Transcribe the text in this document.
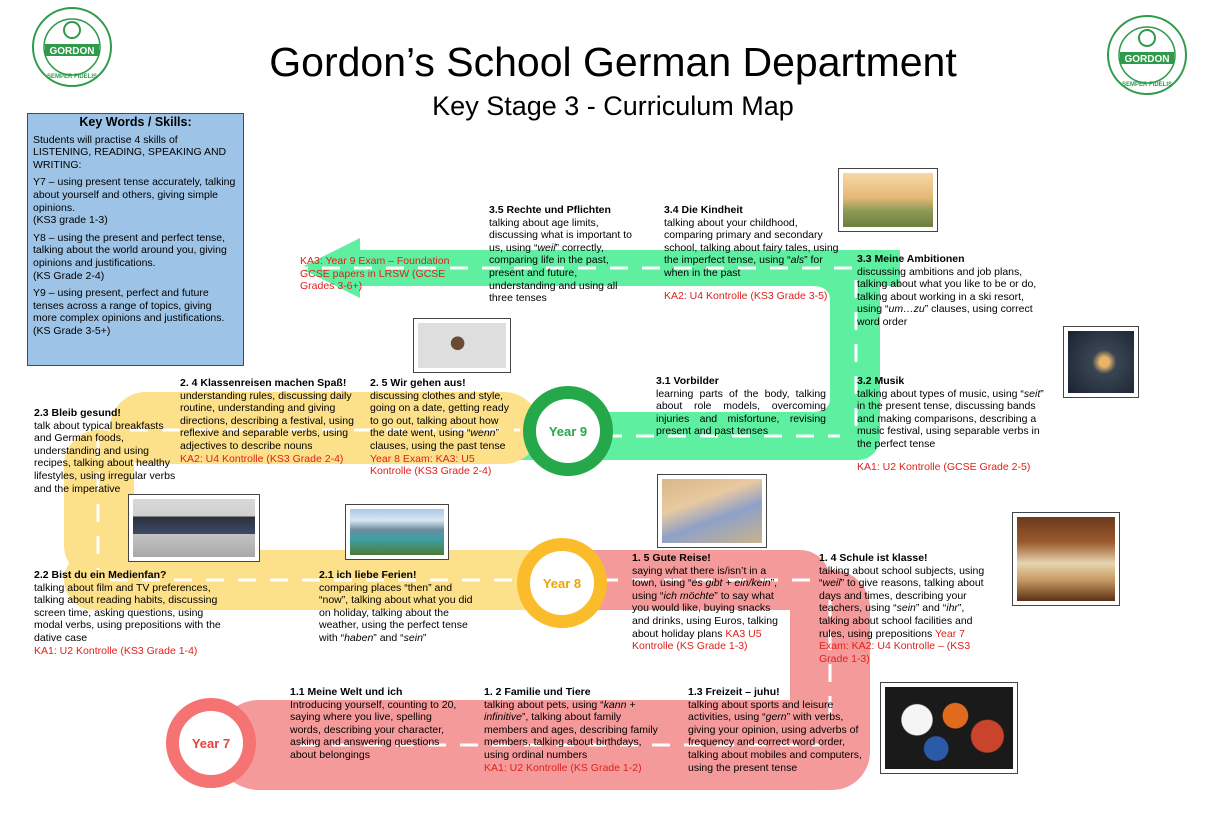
GORDON
SEMPER FIDELIS
GORDON
SEMPER FIDELIS
Gordon’s School German Department
Key Stage 3 - Curriculum Map
Key Words / Skills:

Students will practise 4 skills of LISTENING, READING, SPEAKING AND WRITING:

Y7 – using present tense accurately, talking about yourself and others, giving simple opinions.
(KS3 grade 1-3)

Y8 – using the present and perfect tense, talking about the world around you, giving opinions and justifications.
(KS Grade 2-4)

Y9 – using present, perfect and future tenses across a range of topics, giving more complex opinions and justifications.
(KS Grade 3-5+)

Year 7
Year 8
Year 9
1.1 Meine Welt und ich
Introducing yourself, counting to 20, saying where you live, spelling words, describing your character, asking and answering questions about belongings
1. 2 Familie und Tiere
talking about pets, using “kann + infinitive”, talking about family members and ages, describing family members, talking about birthdays, using ordinal numbers
KA1: U2 Kontrolle (KS Grade 1-2)
1.3 Freizeit – juhu!
talking about sports and leisure activities, using “gern” with verbs, giving your opinion, using adverbs of frequency and correct word order, talking about mobiles and computers, using the present tense
1. 4 Schule ist klasse!
talking about school subjects, using “weil” to give reasons, talking about days and times, describing your teachers, using “sein” and “ihr”, talking about school facilities and rules, using prepositions Year 7 Exam: KA2: U4 Kontrolle – (KS3 Grade 1-3)
1. 5 Gute Reise!
saying what there is/isn’t in a town, using “es gibt + ein/kein”, using “ich möchte” to say what you would like, buying snacks and drinks, using Euros, talking about holiday plans KA3 U5 Kontrolle (KS Grade 1-3)
2.1 ich liebe Ferien!
comparing places “then” and “now”, talking about what you did on holiday, talking about the weather, using the perfect tense with “haben” and “sein”
2.2 Bist du ein Medienfan?
talking about film and TV preferences, talking about reading habits, discussing screen time, asking questions, using modal verbs, using prepositions with the dative case
KA1: U2 Kontrolle (KS3 Grade 1-4)
2.3 Bleib gesund!
talk about typical breakfasts and German foods, understanding and using recipes, talking about healthy lifestyles, using irregular verbs and the imperative
2. 4 Klassenreisen machen Spaß!
understanding rules, discussing daily routine, understanding and giving directions, describing a festival, using reflexive and separable verbs, using adjectives to describe nouns
KA2: U4 Kontrolle (KS3 Grade 2-4)
2. 5 Wir gehen aus!
discussing clothes and style, going on a date, getting ready to go out, talking about how the date went, using “wenn” clauses, using the past tense Year 8 Exam: KA3: U5 Kontrolle (KS3 Grade 2-4)
3.1 Vorbilder
learning parts of the body, talking about role models, overcoming injuries and misfortune, revising present and past tenses
3.2 Musik
talking about types of music, using “seit” in the present tense, discussing bands and making comparisons, describing a music festival, using separable verbs in the perfect tense

KA1: U2 Kontrolle (GCSE Grade 2-5)
3.3 Meine Ambitionen
discussing ambitions and job plans, talking about what you like to be or do, talking about working in a ski resort, using “um…zu” clauses, using correct word order
3.4 Die Kindheit
talking about your childhood, comparing primary and secondary school, talking about fairy tales, using the imperfect tense, using “als” for when in the past

KA2: U4 Kontrolle (KS3 Grade 3-5)
3.5 Rechte und Pflichten
talking about age limits, discussing what is important to us, using “weil” correctly, comparing life in the past, present and future, understanding and using all three tenses
KA3: Year 9 Exam – Foundation GCSE papers in LRSW (GCSE Grades 3-6+)
